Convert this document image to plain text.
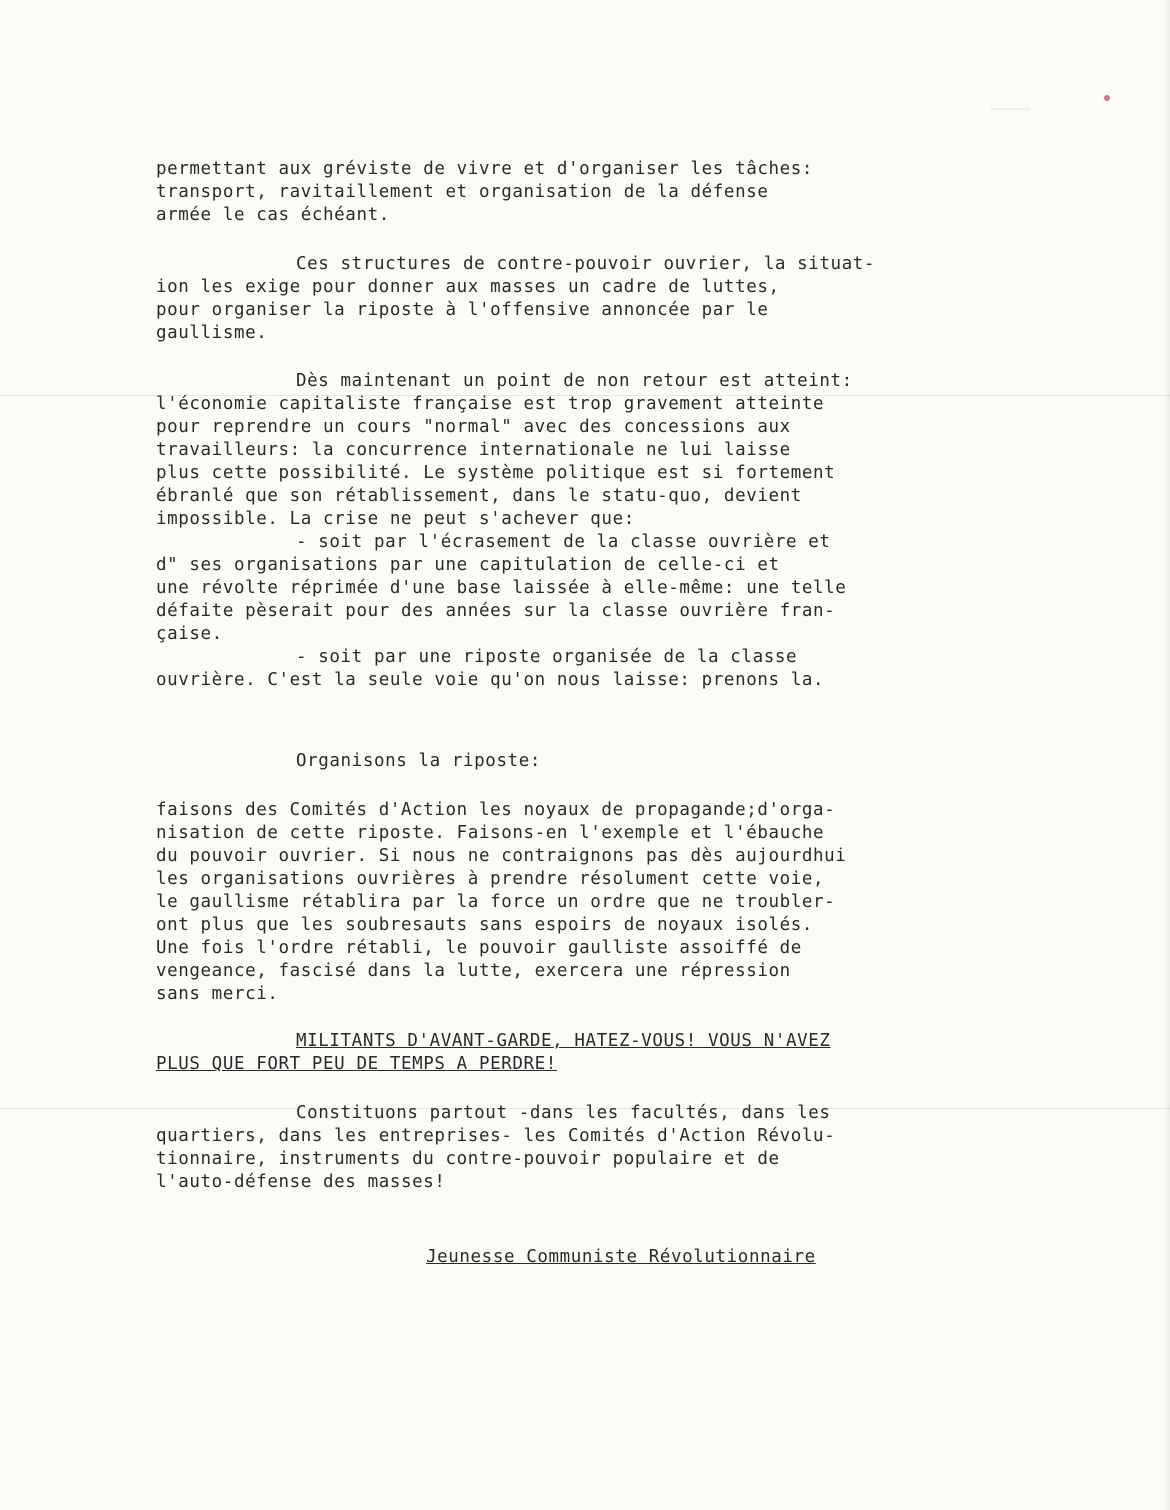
permettant aux gréviste de vivre et d'organiser les tâches:
transport, ravitaillement et organisation de la défense
armée le cas échéant.
Ces structures de contre-pouvoir ouvrier, la situat-
ion les exige pour donner aux masses un cadre de luttes,
pour organiser la riposte à l'offensive annoncée par le
gaullisme.
Dès maintenant un point de non retour est atteint:
l'économie capitaliste française est trop gravement atteinte
pour reprendre un cours "normal" avec des concessions aux
travailleurs: la concurrence internationale ne lui laisse
plus cette possibilité. Le système politique est si fortement
ébranlé que son rétablissement, dans le statu-quo, devient
impossible. La crise ne peut s'achever que:
- soit par l'écrasement de la classe ouvrière et
d" ses organisations par une capitulation de celle-ci et
une révolte réprimée d'une base laissée à elle-même: une telle
défaite pèserait pour des années sur la classe ouvrière fran-
çaise.
- soit par une riposte organisée de la classe
ouvrière. C'est la seule voie qu'on nous laisse: prenons la.
Organisons la riposte:
faisons des Comités d'Action les noyaux de propagande;d'orga-
nisation de cette riposte. Faisons-en l'exemple et l'ébauche
du pouvoir ouvrier. Si nous ne contraignons pas dès aujourdhui
les organisations ouvrières à prendre résolument cette voie,
le gaullisme rétablira par la force un ordre que ne troubler-
ont plus que les soubresauts sans espoirs de noyaux isolés.
Une fois l'ordre rétabli, le pouvoir gaulliste assoiffé de
vengeance, fascisé dans la lutte, exercera une répression
sans merci.
MILITANTS D'AVANT-GARDE, HATEZ-VOUS! VOUS N'AVEZ
PLUS QUE FORT PEU DE TEMPS A PERDRE!
Constituons partout -dans les facultés, dans les
quartiers, dans les entreprises- les Comités d'Action Révolu-
tionnaire, instruments du contre-pouvoir populaire et de
l'auto-défense des masses!
Jeunesse Communiste Révolutionnaire
